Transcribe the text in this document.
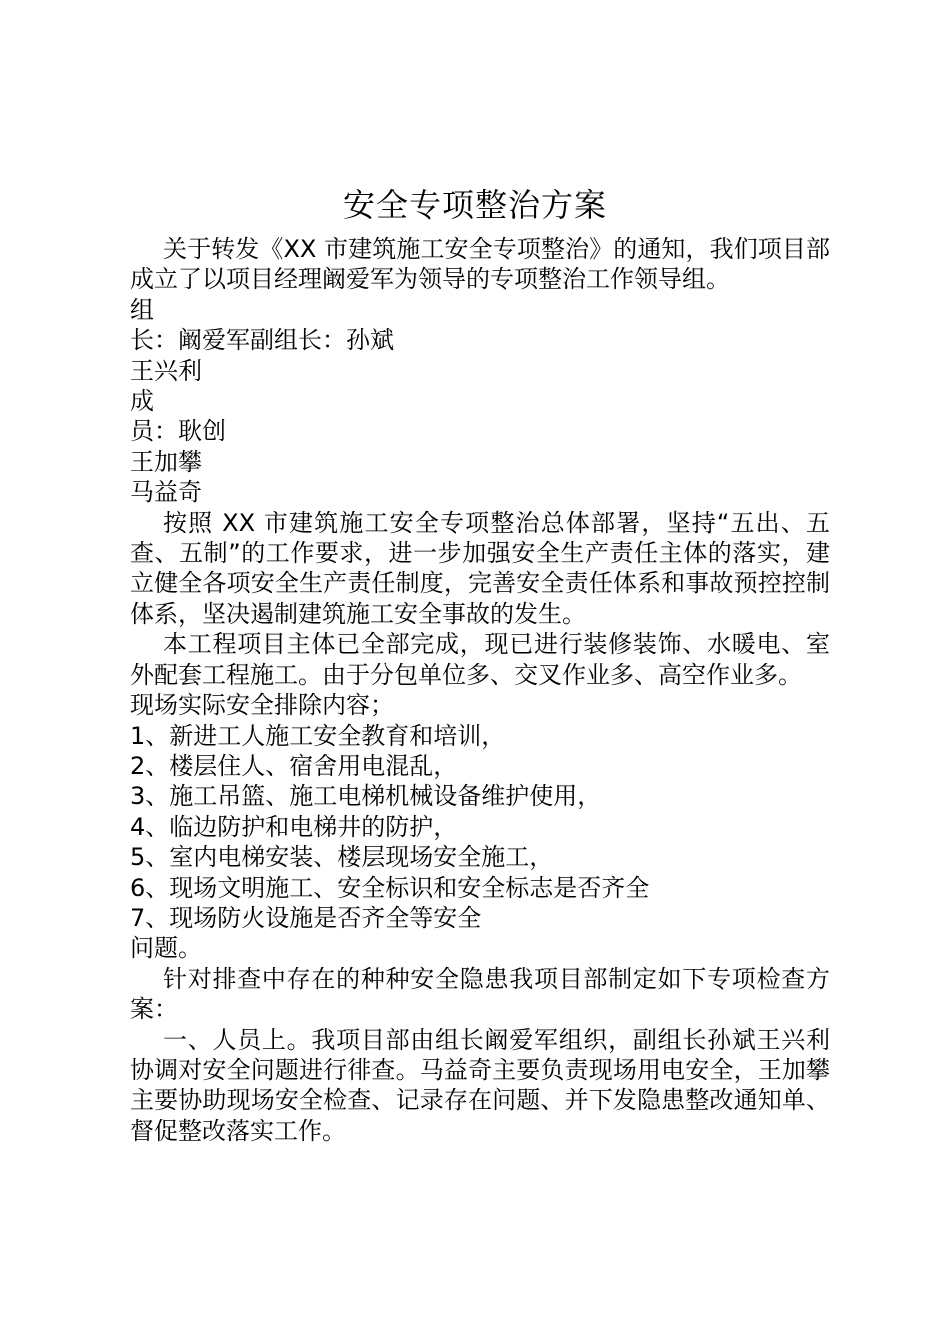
安全专项整治方案

关于转发《XX 市建筑施工安全专项整治》的通知，我们项目部成立了以项目经理阚爱军为领导的专项整治工作领导组。

组

长：阚爱军副组长：孙斌

王兴利

成

员：耿创

王加攀

马益奇

按照 XX 市建筑施工安全专项整治总体部署，坚持“五出、五查、五制”的工作要求，进一步加强安全生产责任主体的落实，建立健全各项安全生产责任制度，完善安全责任体系和事故预控控制体系，坚决遏制建筑施工安全事故的发生。

本工程项目主体已全部完成，现已进行装修装饰、水暖电、室外配套工程施工。由于分包单位多、交叉作业多、高空作业多。

现场实际安全排除内容；

1、新进工人施工安全教育和培训，

2、楼层住人、宿舍用电混乱，

3、施工吊篮、施工电梯机械设备维护使用，

4、临边防护和电梯井的防护，

5、室内电梯安装、楼层现场安全施工，

6、现场文明施工、安全标识和安全标志是否齐全

7、现场防火设施是否齐全等安全

问题。

针对排查中存在的种种安全隐患我项目部制定如下专项检查方案：

一、人员上。我项目部由组长阚爱军组织，副组长孙斌王兴利协调对安全问题进行徘查。马益奇主要负责现场用电安全，王加攀主要协助现场安全检查、记录存在问题、并下发隐患整改通知单、督促整改落实工作。
